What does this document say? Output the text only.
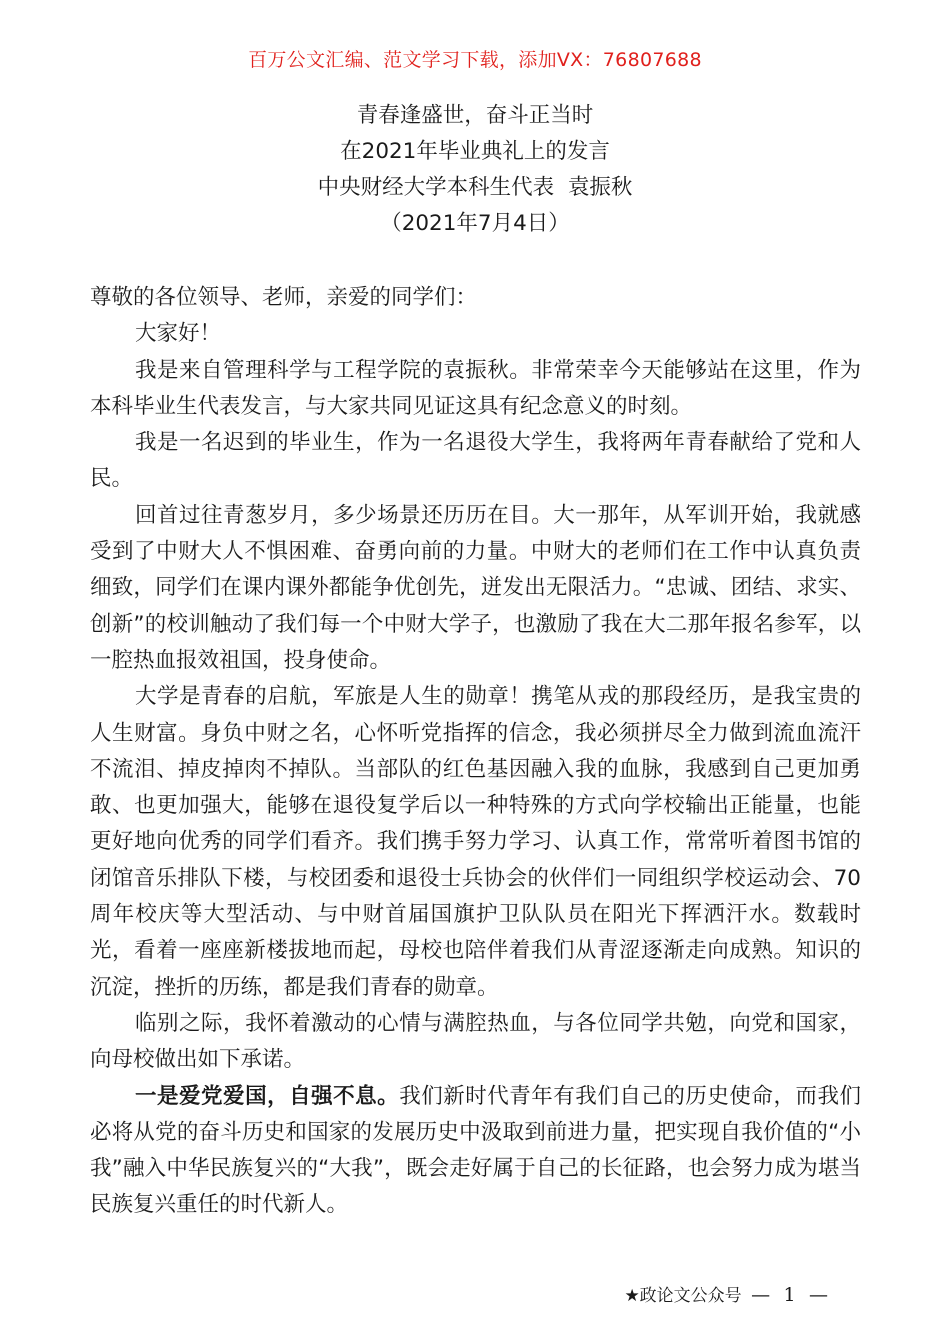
百万公文汇编、范文学习下载，添加VX：76807688
青春逢盛世，奋斗正当时
在2021年毕业典礼上的发言
中央财经大学本科生代表  袁振秋
（2021年7月4日）

尊敬的各位领导、老师，亲爱的同学们：

大家好！

我是来自管理科学与工程学院的袁振秋。非常荣幸今天能够站在这里，作为本科毕业生代表发言，与大家共同见证这具有纪念意义的时刻。

我是一名迟到的毕业生，作为一名退役大学生，我将两年青春献给了党和人民。

回首过往青葱岁月，多少场景还历历在目。大一那年，从军训开始，我就感受到了中财大人不惧困难、奋勇向前的力量。中财大的老师们在工作中认真负责细致，同学们在课内课外都能争优创先，迸发出无限活力。“忠诚、团结、求实、创新”的校训触动了我们每一个中财大学子，也激励了我在大二那年报名参军，以一腔热血报效祖国，投身使命。

大学是青春的启航，军旅是人生的勋章！携笔从戎的那段经历，是我宝贵的人生财富。身负中财之名，心怀听党指挥的信念，我必须拼尽全力做到流血流汗不流泪、掉皮掉肉不掉队。当部队的红色基因融入我的血脉，我感到自己更加勇敢、也更加强大，能够在退役复学后以一种特殊的方式向学校输出正能量，也能更好地向优秀的同学们看齐。我们携手努力学习、认真工作，常常听着图书馆的闭馆音乐排队下楼，与校团委和退役士兵协会的伙伴们一同组织学校运动会、70周年校庆等大型活动、与中财首届国旗护卫队队员在阳光下挥洒汗水。数载时光，看着一座座新楼拔地而起，母校也陪伴着我们从青涩逐渐走向成熟。知识的沉淀，挫折的历练，都是我们青春的勋章。

临别之际，我怀着激动的心情与满腔热血，与各位同学共勉，向党和国家，向母校做出如下承诺。

一是爱党爱国，自强不息。我们新时代青年有我们自己的历史使命，而我们必将从党的奋斗历史和国家的发展历史中汲取到前进力量，把实现自我价值的“小我”融入中华民族复兴的“大我”，既会走好属于自己的长征路，也会努力成为堪当民族复兴重任的时代新人。

★政论文公众号 — 1 —
